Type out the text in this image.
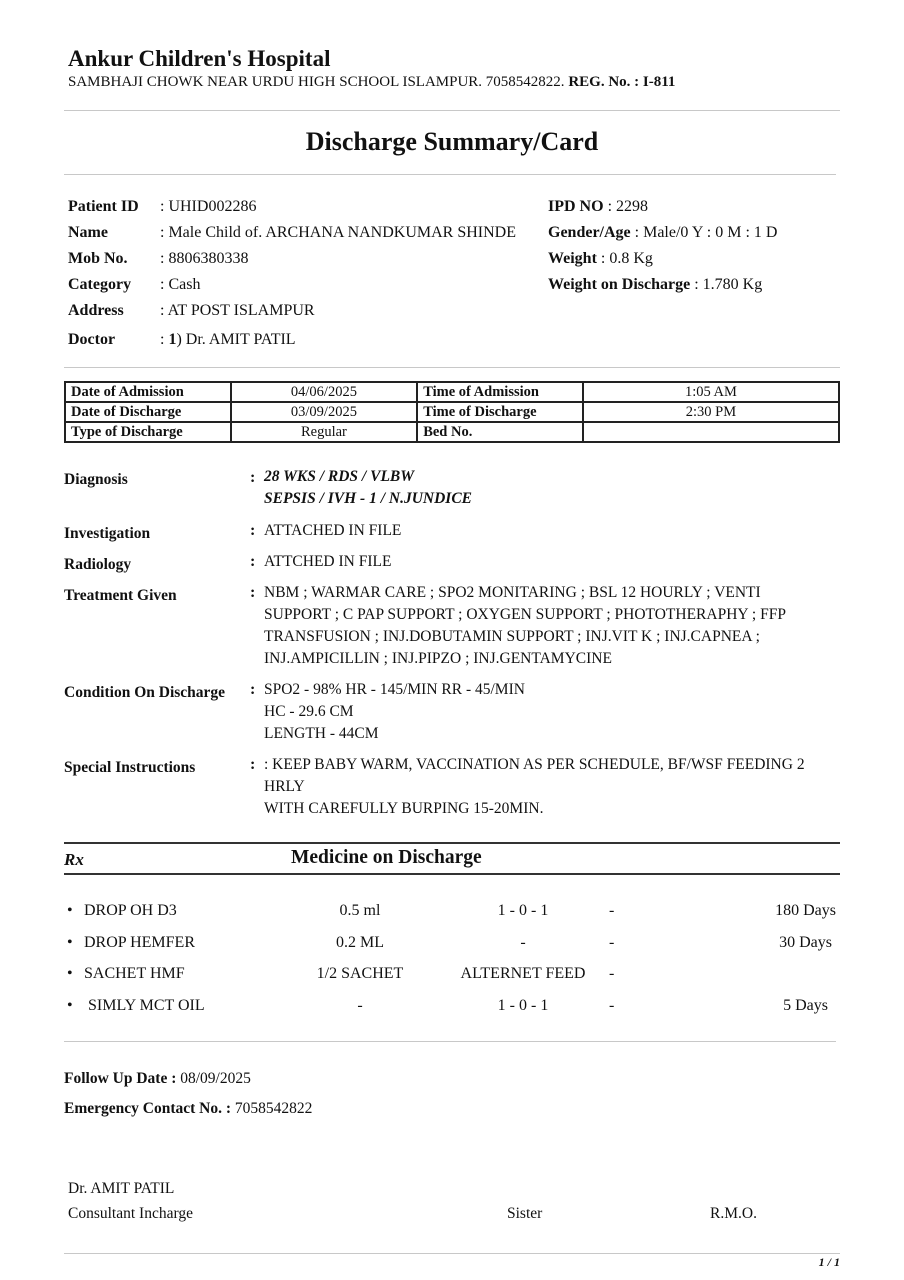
Ankur Children's Hospital
SAMBHAJI CHOWK NEAR URDU HIGH SCHOOL ISLAMPUR. 7058542822. REG. No. : I-811
Discharge Summary/Card
Patient ID : UHID002286
Name	: Male Child of. ARCHANA NANDKUMAR SHINDE
Mob No. : 8806380338
Category : Cash
Address : AT POST ISLAMPUR
Doctor	: 1) Dr. AMIT PATIL
IPD NO : 2298
Gender/Age : Male/0 Y : 0 M : 1 D
Weight : 0.8 Kg
Weight on Discharge : 1.780 Kg
Date of Admission	04/06/2025	Time of Admission	1:05 AM
Date of Discharge	03/09/2025	Time of Discharge	2:30 PM
Type of Discharge	Regular	Bed No.	
Diagnosis	: 28 WKS / RDS / VLBW
SEPSIS / IVH - 1 / N.JUNDICE
Investigation	: ATTACHED IN FILE
Radiology	: ATTCHED IN FILE
Treatment Given	: NBM ; WARMAR CARE ; SPO2 MONITARING ; BSL 12 HOURLY ; VENTI
SUPPORT ; C PAP SUPPORT ; OXYGEN SUPPORT ; PHOTOTHERAPHY ; FFP
TRANSFUSION ; INJ.DOBUTAMIN SUPPORT ; INJ.VIT K ; INJ.CAPNEA ;
INJ.AMPICILLIN ; INJ.PIPZO ; INJ.GENTAMYCINE
Condition On Discharge : SPO2 - 98% HR - 145/MIN RR - 45/MIN
HC - 29.6 CM
LENGTH - 44CM
Special Instructions	: : KEEP BABY WARM, VACCINATION AS PER SCHEDULE, BF/WSF FEEDING 2
HRLY
WITH CAREFULLY BURPING 15-20MIN.
Rx	Medicine on Discharge
• DROP OH D3	0.5 ml	1 - 0 - 1	-	180 Days
• DROP HEMFER	0.2 ML	-	-	30 Days
• SACHET HMF	1/2 SACHET	ALTERNET FEED	-
• SIMLY MCT OIL	-	1 - 0 - 1	-	5 Days
Follow Up Date : 08/09/2025
Emergency Contact No. : 7058542822
Dr. AMIT PATIL
Consultant Incharge	Sister	R.M.O.
1 / 1
